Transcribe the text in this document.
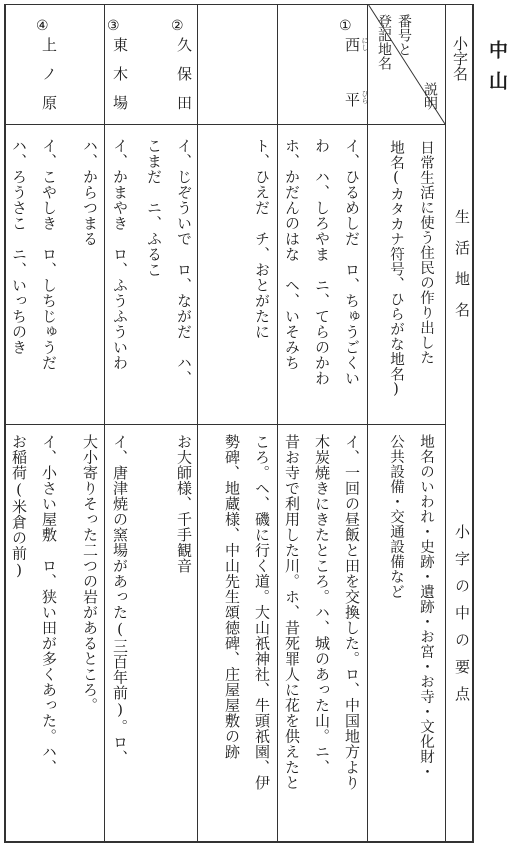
中山
小字名
番号と
登記地名
説明
生活地名
日常生活に使う住民の作り出した
地名(カタカナ符号、ひらがな地名)
小字の中の要点
地名のいわれ・史跡・遺跡・お宮・お寺・文化財・
公共設備・交通設備など
①
西
平
にし
ひら
イ、ひるめしだ　ロ、ちゅうごくい
わ　ハ、しろやま　ニ、てらのかわ
ホ、かだんのはな　ヘ、いそみち
ト、ひえだ　チ、おとがたに
イ、一回の昼飯と田を交換した。ロ、中国地方より
木炭焼きにきたところ。ハ、城のあった山。ニ、
昔お寺で利用した川。ホ、昔死罪人に花を供えたと
ころ。ヘ、磯に行く道。大山祇神社、牛頭祇園、伊
勢碑、地蔵様、中山先生頌徳碑、庄屋屋敷の跡
②
久
保
田
イ、じぞういで　ロ、ながだ　ハ、
こまだ　ニ、ふるこ
お大師様、千手観音
③
東
木
場
イ、かまやき　ロ、ふうふういわ
ハ、からつまる
イ、唐津焼の窯場があった(三百年前)。ロ、
大小寄りそった二つの岩があるところ。
④
上
ノ
原
イ、こやしき　ロ、しちじゅうだ
ハ、ろうさこ　ニ、いっちのき
イ、小さい屋敷　ロ、狭い田が多くあった。ハ、
お稲荷(米倉の前)
